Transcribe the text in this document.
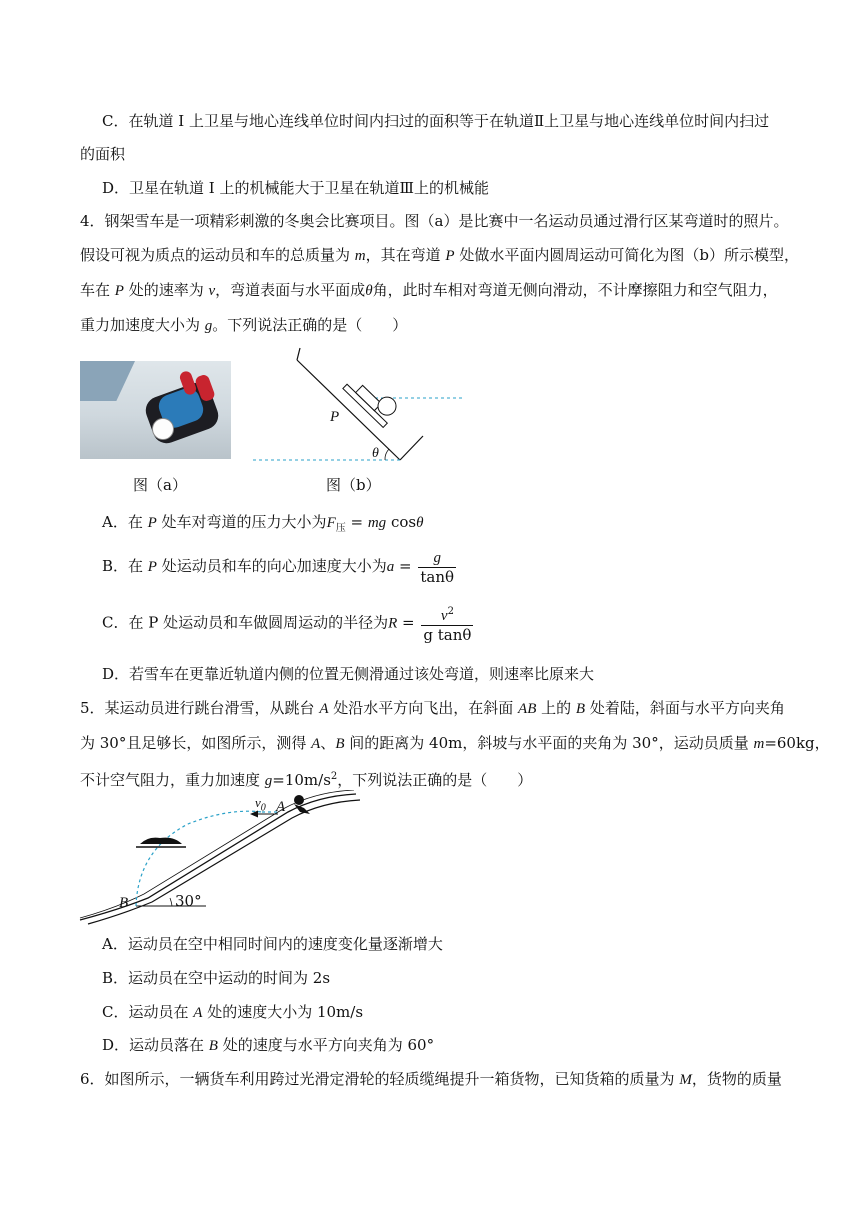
C．在轨道 I 上卫星与地心连线单位时间内扫过的面积等于在轨道Ⅱ上卫星与地心连线单位时间内扫过
的面积
D．卫星在轨道 I 上的机械能大于卫星在轨道Ⅲ上的机械能
4．钢架雪车是一项精彩刺激的冬奥会比赛项目。图（a）是比赛中一名运动员通过滑行区某弯道时的照片。
假设可视为质点的运动员和车的总质量为 m，其在弯道 P 处做水平面内圆周运动可简化为图（b）所示模型，
车在 P 处的速率为 v，弯道表面与水平面成θ角，此时车相对弯道无侧向滑动，不计摩擦阻力和空气阻力，
重力加速度大小为 g。下列说法正确的是（　　）
图（a）
P
θ
图（b）
A．在 P 处车对弯道的压力大小为$F_压$ = mg cosθ
B．在 P 处运动员和车的向心加速度大小为$a = \frac{g}{\tan\theta}$
C．在 P 处运动员和车做圆周运动的半径为$R = \frac{v^2}{\text{g tanθ}}$
D．若雪车在更靠近轨道内侧的位置无侧滑通过该处弯道，则速率比原来大
5．某运动员进行跳台滑雪，从跳台 A 处沿水平方向飞出，在斜面 AB 上的 B 处着陆，斜面与水平方向夹角
为 30°且足够长，如图所示，测得 A、B 间的距离为 40m，斜坡与水平面的夹角为 30°，运动员质量 m=60kg，
不计空气阻力，重力加速度 $g=10m/s^2$，下列说法正确的是（　　）
$v_0$ A
B	30°
A．运动员在空中相同时间内的速度变化量逐渐增大
B．运动员在空中运动的时间为 2s
C．运动员在 A 处的速度大小为 10m/s
D．运动员落在 B 处的速度与水平方向夹角为 60°
6．如图所示，一辆货车利用跨过光滑定滑轮的轻质缆绳提升一箱货物，已知货箱的质量为 M，货物的质量
